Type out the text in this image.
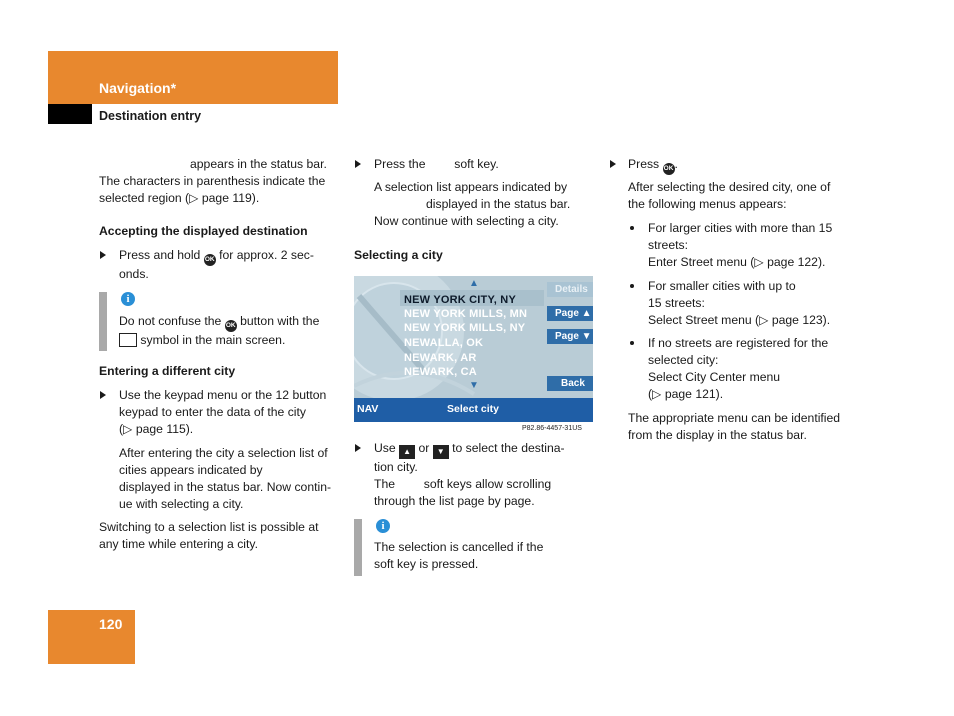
Navigation*
Destination entry
appears in the status bar. The characters in parenthesis indicate the selected region (▷ page 119).
Accepting the displayed destination
Press and hold OK for approx. 2 sec-
onds.
i
Do not confuse the OK button with the
symbol in the main screen.
Entering a different city
Use the keypad menu or the 12 button
keypad to enter the data of the city
(▷ page 115).
After entering the city a selection list of
cities appears indicated by
displayed in the status bar. Now contin-
ue with selecting a city.
Switching to a selection list is possible at
any time while entering a city.
Press the soft key.
A selection list appears indicated by
displayed in the status bar.
Now continue with selecting a city.
Selecting a city
▲
NEW YORK CITY, NY
NEW YORK MILLS, MN
NEW YORK MILLS, NY
NEWALLA, OK
NEWARK, AR
NEWARK, CA
▼
Details
Page ▲
Page ▼
Back
NAV	Select city
P82.86-4457-31US
Use ▲ or ▼ to select the destina-
tion city.
The soft keys allow scrolling
through the list page by page.
i
The selection is cancelled if the
soft key is pressed.
Press OK.
After selecting the desired city, one of
the following menus appears:
For larger cities with more than 15
streets:
Enter Street menu (▷ page 122).
For smaller cities with up to
15 streets:
Select Street menu (▷ page 123).
If no streets are registered for the
selected city:
Select City Center menu
(▷ page 121).
The appropriate menu can be identified
from the display in the status bar.
120
